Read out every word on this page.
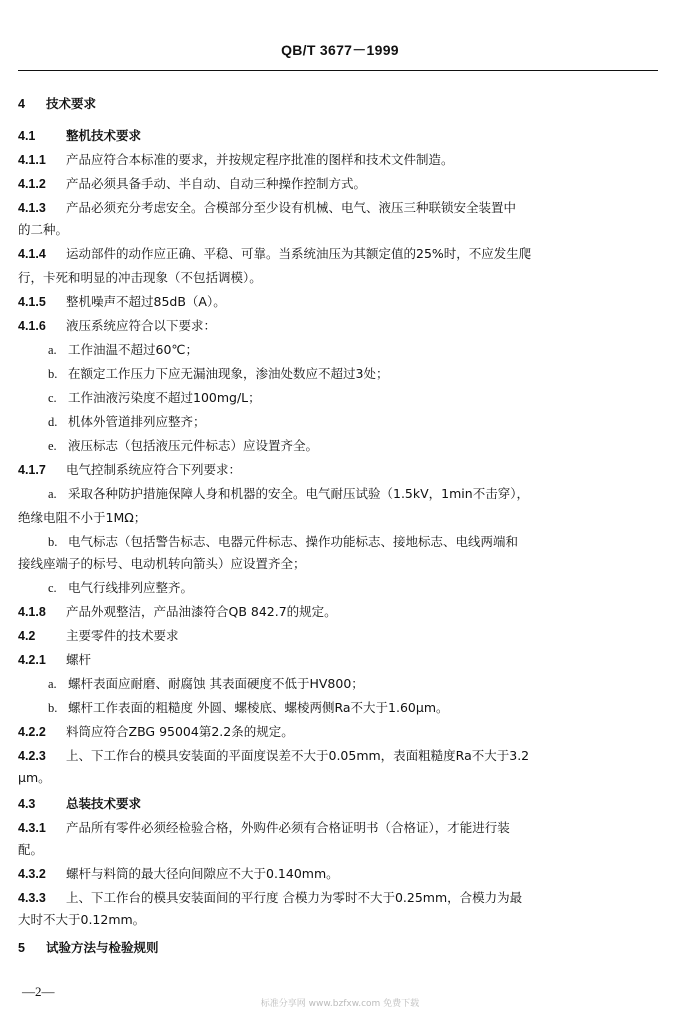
QB/T 3677－1999
4 技术要求
4.1 整机技术要求
4.1.1 产品应符合本标准的要求，并按规定程序批准的图样和技术文件制造。
4.1.2 产品必须具备手动、半自动、自动三种操作控制方式。
4.1.3 产品必须充分考虑安全。合模部分至少设有机械、电气、液压三种联锁安全装置中
的二种。
4.1.4 运动部件的动作应正确、平稳、可靠。当系统油压为其额定值的25%时，不应发生爬
行，卡死和明显的冲击现象（不包括调模）。
4.1.5 整机噪声不超过85dB（A）。
4.1.6 液压系统应符合以下要求：
a. 工作油温不超过60℃；
b. 在额定工作压力下应无漏油现象，渗油处数应不超过3处；
c. 工作油液污染度不超过100mg/L；
d. 机体外管道排列应整齐；
e. 液压标志（包括液压元件标志）应设置齐全。
4.1.7 电气控制系统应符合下列要求：
a. 采取各种防护措施保障人身和机器的安全。电气耐压试验（1.5kV，1min不击穿），
绝缘电阻不小于1MΩ；
b. 电气标志（包括警告标志、电器元件标志、操作功能标志、接地标志、电线两端和
接线座端子的标号、电动机转向箭头）应设置齐全；
c. 电气行线排列应整齐。
4.1.8 产品外观整洁，产品油漆符合QB 842.7的规定。
4.2 主要零件的技术要求
4.2.1 螺杆
a. 螺杆表面应耐磨、耐腐蚀 其表面硬度不低于HV800；
b. 螺杆工作表面的粗糙度 外圆、螺棱底、螺棱两侧Ra不大于1.60μm。
4.2.2 料筒应符合ZBG 95004第2.2条的规定。
4.2.3 上、下工作台的模具安装面的平面度误差不大于0.05mm，表面粗糙度Ra不大于3.2
μm。
4.3 总装技术要求
4.3.1 产品所有零件必须经检验合格，外购件必须有合格证明书（合格证），才能进行装
配。
4.3.2 螺杆与料筒的最大径向间隙应不大于0.140mm。
4.3.3 上、下工作台的模具安装面间的平行度 合模力为零时不大于0.25mm，合模力为最
大时不大于0.12mm。
5 试验方法与检验规则
—2—
标准分享网 www.bzfxw.com 免费下载
